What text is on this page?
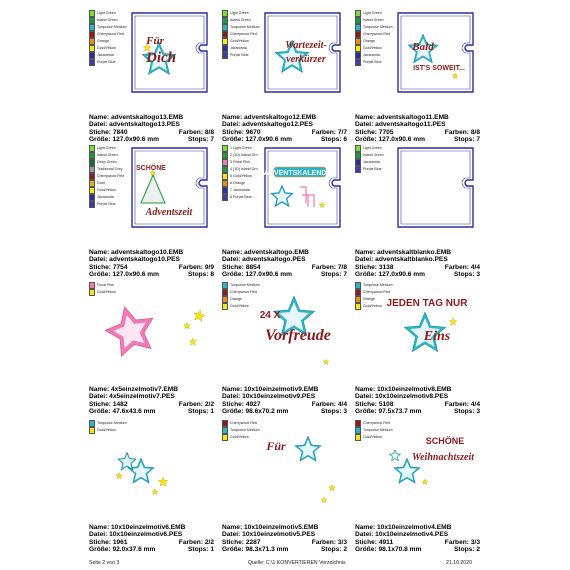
Für
Dich
Light Green
Island Green
Turquoise Medium
Cherrywood Red
Orange
Gold/Yellow
Jacaranda
Purple Blue
Name: adventskaltogo13.EMB
Datei: adventskaltogo13.PES
Stiche: 7840	Farben: 8/8
Größe: 127.0x90.6 mm	Stops: 7
Wartezeit-
verkürzer
Light Green
Island Green
Turquoise Medium
Cherrywood Red
Gold/Yellow
Jacaranda
Purple Blue
Name: adventskaltogo12.EMB
Datei: adventskaltogo12.PES
Stiche: 9670	Farben: 7/7
Größe: 127.0x90.6 mm	Stops: 6
Bald
IST'S SOWEIT...
Light Green
Island Green
Turquoise Medium
Cherrywood Red
Orange
Gold/Yellow
Jacaranda
Purple Blue
Name: adventskaltogo11.EMB
Datei: adventskaltogo11.PES
Stiche: 7705	Farben: 8/8
Größe: 127.0x90.6 mm	Stops: 7
SCHÖNE
Adventszeit
Light Green
Island Green
Deep Green
Traditional Grey
Cherrywood Red
Gold
Gold/Yellow
Jacaranda
Purple Blue
Name: adventskaltogo10.EMB
Datei: adventskaltogo10.PES
Stiche: 7754	Farben: 9/9
Größe: 127.0x90.6 mm	Stops: 8
ADVENTSKALENDER
1 Light Green
2 (1D) Island Grn
3 Floral Pink
4 (1D) Island Grn
5 Gold/Yellow
6 Orange
7 Jacaranda
8 Purple Blue
Name: adventskaltogo.EMB
Datei: adventskaltogo.PES
Stiche: 8854	Farben: 7/8
Größe: 127.0x90.6 mm	Stops: 7
Light Green
Island Green
Jacaranda
Purple Blue
Name: adventskaltblanko.EMB
Datei: adventskaltblanko.PES
Stiche: 3138	Farben: 4/4
Größe: 127.0x90.6 mm	Stops: 3
Floral Pink
Gold/Yellow
Name: 4x5einzelmotiv7.EMB
Datei: 4x5einzelmotiv7.PES
Stiche: 1482	Farben: 2/2
Größe: 47.6x43.6 mm	Stops: 1
24 X
Vorfreude
Turquoise Medium
Cherrywood Red
Orange
Gold/Yellow
Name: 10x10einzelmotiv9.EMB
Datei: 10x10einzelmotiv9.PES
Stiche: 4927	Farben: 4/4
Größe: 98.6x70.2 mm	Stops: 3
JEDEN TAG NUR
Eins
Turquoise Medium
Cherrywood Red
Orange
Gold/Yellow
Name: 10x10einzelmotiv8.EMB
Datei: 10x10einzelmotiv8.PES
Stiche: 5108	Farben: 4/4
Größe: 97.5x73.7 mm	Stops: 3
Turquoise Medium
Gold/Yellow
Name: 10x10einzelmotiv6.EMB
Datei: 10x10einzelmotiv6.PES
Stiche: 1961	Farben: 2/2
Größe: 92.0x37.6 mm	Stops: 1
Für
Cherrywood Red
Turquoise Medium
Gold/Yellow
Name: 10x10einzelmotiv5.EMB
Datei: 10x10einzelmotiv5.PES
Stiche: 2287	Farben: 3/3
Größe: 98.3x71.3 mm	Stops: 2
SCHÖNE
Weihnachtszeit
Cherrywood Red
Turquoise Medium
Gold/Yellow
Name: 10x10einzelmotiv4.EMB
Datei: 10x10einzelmotiv4.PES
Stiche: 4911	Farben: 3/3
Größe: 98.1x70.8 mm	Stops: 2
Seite 2 von 3	Quelle: C:\1 KONVERTIEREN Verzeichnis	21.10.2020
